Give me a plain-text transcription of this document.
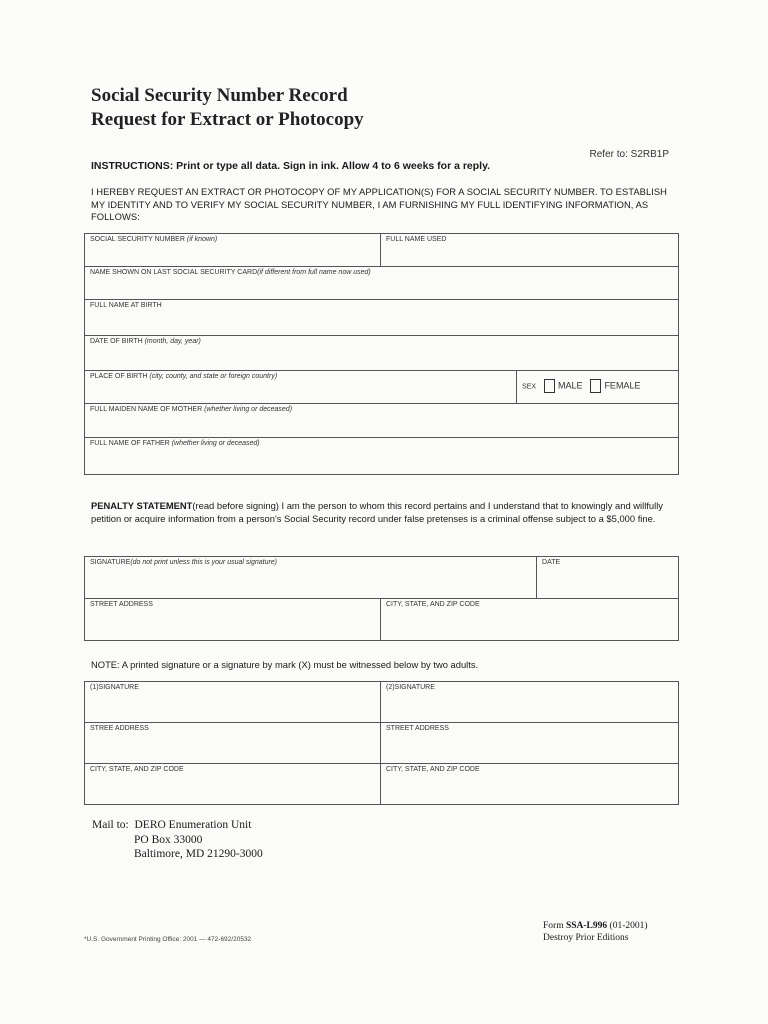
Social Security Number Record
Request for Extract or Photocopy
Refer to: S2RB1P
INSTRUCTIONS: Print or type all data. Sign in ink. Allow 4 to 6 weeks for a reply.
I HEREBY REQUEST AN EXTRACT OR PHOTOCOPY OF MY APPLICATION(S) FOR A SOCIAL SECURITY NUMBER. TO ESTABLISH MY IDENTITY AND TO VERIFY MY SOCIAL SECURITY NUMBER, I AM FURNISHING MY FULL IDENTIFYING INFORMATION, AS FOLLOWS:
SOCIAL SECURITY NUMBER (if known)	FULL NAME USED	
NAME SHOWN ON LAST SOCIAL SECURITY CARD(if different from full name now used)		
FULL NAME AT BIRTH		
DATE OF BIRTH (month, day, year)		
PLACE OF BIRTH (city, county, and state or foreign country)		SEX MALE FEMALE
FULL MAIDEN NAME OF MOTHER (whether living or deceased)		
FULL NAME OF FATHER (whether living or deceased)		
PENALTY STATEMENT(read before signing) I am the person to whom this record pertains and I understand that to knowingly and willfully petition or acquire information from a person's Social Security record under false pretenses is a criminal offense subject to a $5,000 fine.
SIGNATURE(do not print unless this is your usual signature)		DATE
STREET ADDRESS	CITY, STATE, AND ZIP CODE	
NOTE: A printed signature or a signature by mark (X) must be witnessed below by two adults.
(1)SIGNATURE	(2)SIGNATURE
STREE ADDRESS	STREET ADDRESS
CITY, STATE, AND ZIP CODE	CITY, STATE, AND ZIP CODE
Mail to: DERO Enumeration Unit
PO Box 33000
Baltimore, MD 21290-3000
Form SSA-L996 (01-2001)
Destroy Prior Editions
*U.S. Government Printing Office: 2001 — 472-692/20532
